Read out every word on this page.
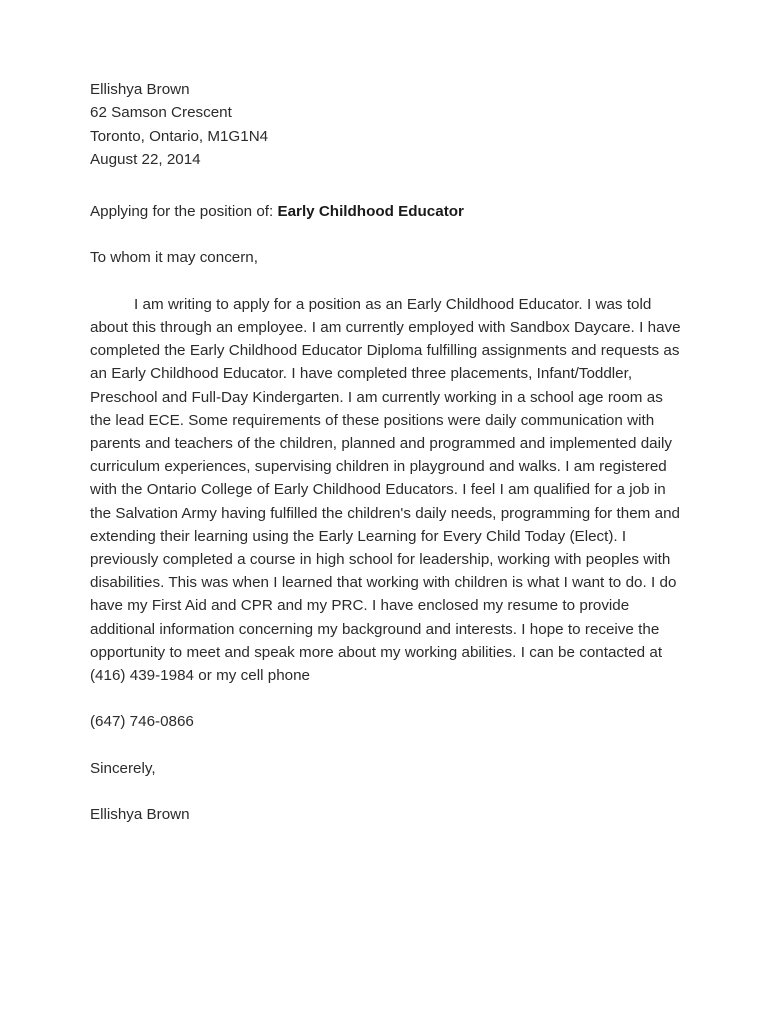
Ellishya Brown
62 Samson Crescent
Toronto, Ontario, M1G1N4
August 22, 2014
Applying for the position of: Early Childhood Educator
To whom it may concern,
I am writing to apply for a position as an Early Childhood Educator. I was told about this through an employee. I am currently employed with Sandbox Daycare. I have completed the Early Childhood Educator Diploma fulfilling assignments and requests as an Early Childhood Educator. I have completed three placements, Infant/Toddler, Preschool and Full-Day Kindergarten. I am currently working in a school age room as the lead ECE. Some requirements of these positions were daily communication with parents and teachers of the children, planned and programmed and implemented daily curriculum experiences, supervising children in playground and walks. I am registered with the Ontario College of Early Childhood Educators. I feel I am qualified for a job in the Salvation Army having fulfilled the children's daily needs, programming for them and extending their learning using the Early Learning for Every Child Today (Elect). I previously completed a course in high school for leadership, working with peoples with disabilities. This was when I learned that working with children is what I want to do. I do have my First Aid and CPR and my PRC. I have enclosed my resume to provide additional information concerning my background and interests. I hope to receive the opportunity to meet and speak more about my working abilities. I can be contacted at (416) 439-1984 or my cell phone
(647) 746-0866
Sincerely,
Ellishya Brown
